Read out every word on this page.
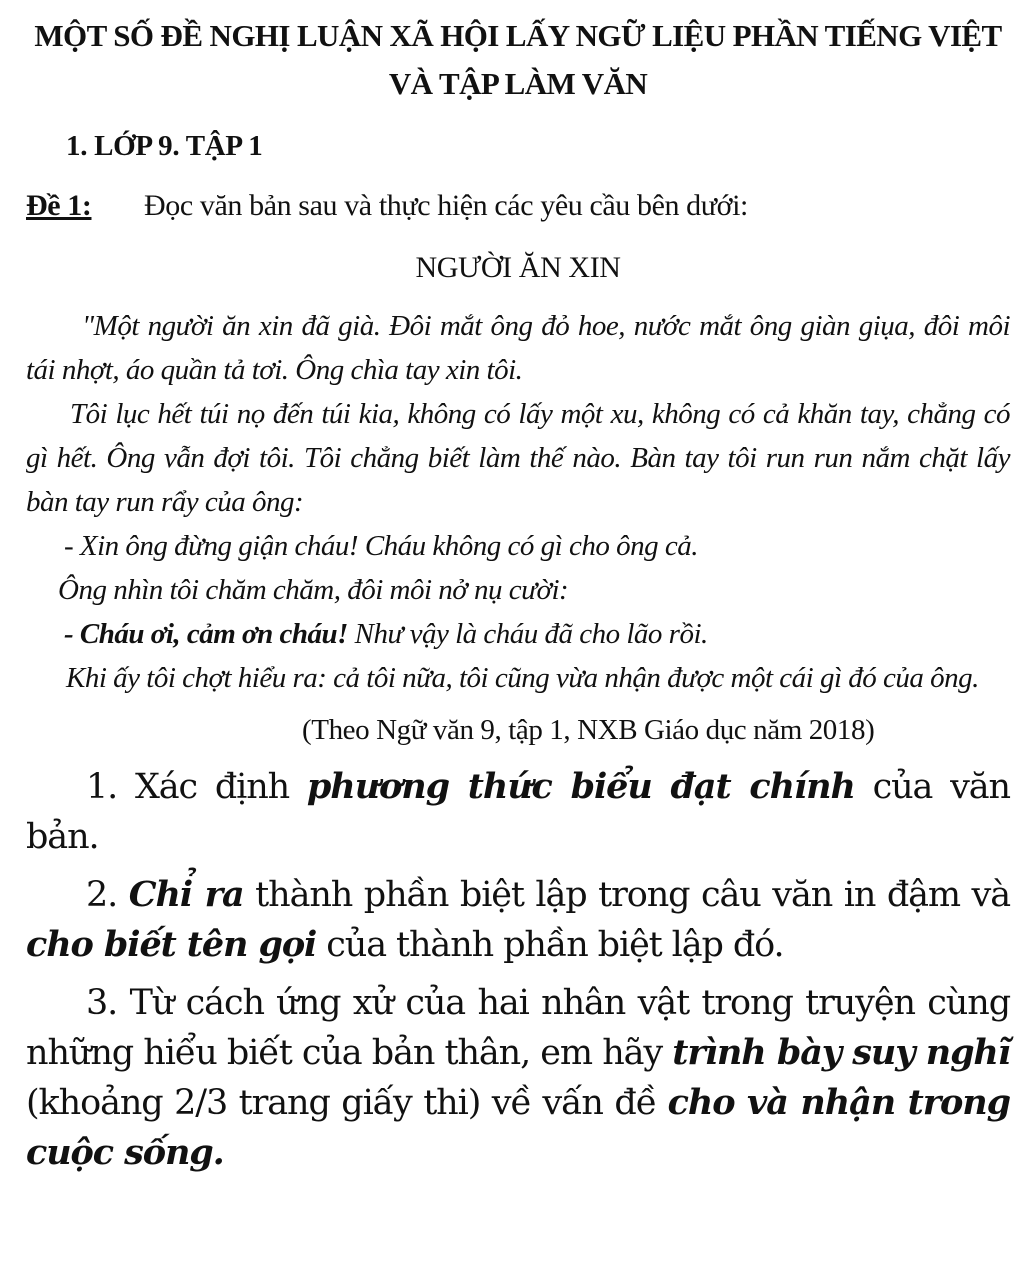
MỘT SỐ ĐỀ NGHỊ LUẬN XÃ HỘI LẤY NGỮ LIỆU PHẦN TIẾNG VIỆT VÀ TẬP LÀM VĂN
1. LỚP 9. TẬP 1

Đề 1: Đọc văn bản sau và thực hiện các yêu cầu bên dưới:

NGƯỜI ĂN XIN

"Một người ăn xin đã già. Đôi mắt ông đỏ hoe, nước mắt ông giàn giụa, đôi môi tái nhợt, áo quần tả tơi. Ông chìa tay xin tôi.

Tôi lục hết túi nọ đến túi kia, không có lấy một xu, không có cả khăn tay, chẳng có gì hết. Ông vẫn đợi tôi. Tôi chẳng biết làm thế nào. Bàn tay tôi run run nắm chặt lấy bàn tay run rẩy của ông:

- Xin ông đừng giận cháu! Cháu không có gì cho ông cả.

Ông nhìn tôi chăm chăm, đôi môi nở nụ cười:

- Cháu ơi, cảm ơn cháu! Như vậy là cháu đã cho lão rồi.

Khi ấy tôi chợt hiểu ra: cả tôi nữa, tôi cũng vừa nhận được một cái gì đó của ông.

(Theo Ngữ văn 9, tập 1, NXB Giáo dục năm 2018)

1. Xác định phương thức biểu đạt chính của văn bản.

2. Chỉ ra thành phần biệt lập trong câu văn in đậm và cho biết tên gọi của thành phần biệt lập đó.

3. Từ cách ứng xử của hai nhân vật trong truyện cùng những hiểu biết của bản thân, em hãy trình bày suy nghĩ (khoảng 2/3 trang giấy thi) về vấn đề cho và nhận trong cuộc sống.
